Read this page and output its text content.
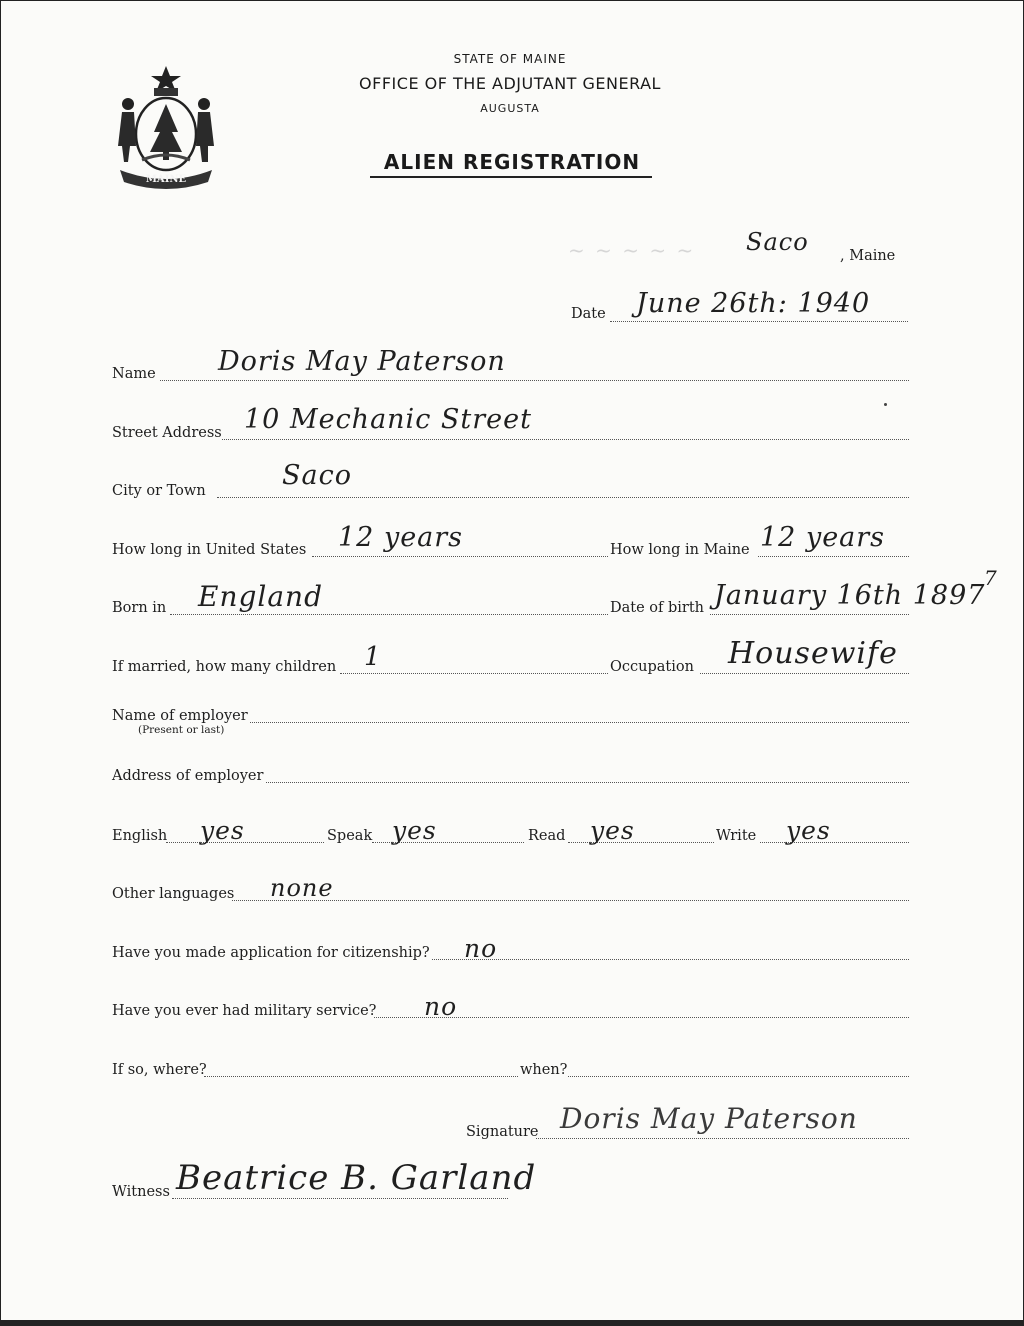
MAINE
STATE OF MAINE
OFFICE OF THE ADJUTANT GENERAL
AUGUSTA
ALIEN REGISTRATION
~ ~ ~ ~ ~ Saco , Maine
Date June 26th: 1940
Name Doris May Paterson
Street Address 10 Mechanic Street
City or Town	Saco
How long in United States 12 years	How long in Maine 12 years
Born in England	Date of birth January 16th 1897
7
If married, how many children 1	Occupation Housewife
Name of employer
(Present or last)
Address of employer
English yes	Speak yes	Read yes	Write yes
Other languages none
Have you made application for citizenship? no
Have you ever had military service? no
If so, where?	when?
Signature Doris May Paterson
Witness Beatrice B. Garland
